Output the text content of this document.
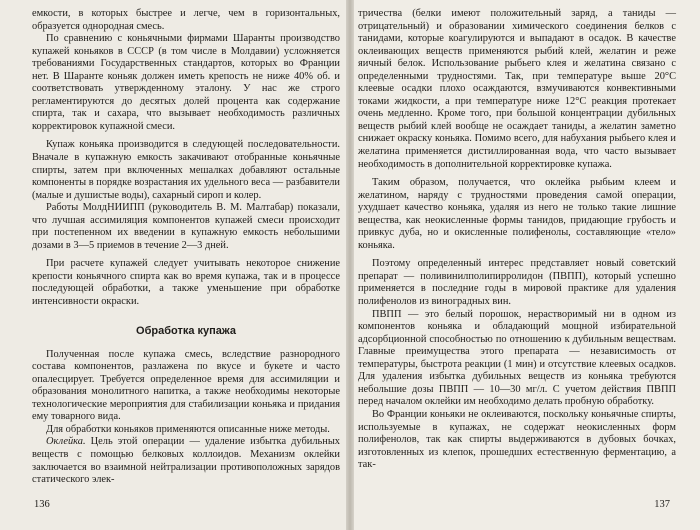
емкости, в которых быстрее и легче, чем в горизонтальных, образуется однородная смесь.

По сравнению с коньячными фирмами Шаранты производство купажей коньяков в СССР (в том числе в Молдавии) усложняется требованиями Государственных стандартов, которых во Франции нет. В Шаранте коньяк должен иметь крепость не ниже 40% об. и соответствовать утвержденному эталону. У нас же строго регламентируются до десятых долей процента как содержание спирта, так и сахара, что вызывает необходимость различных корректировок купажной смеси.

Купаж коньяка производится в следующей последовательности. Вначале в купажную емкость закачивают отобранные коньячные спирты, затем при включенных мешалках добавляют остальные компоненты в порядке возрастания их удельного веса — разбавители (малые и душистые воды), сахарный сироп и колер.

Работы МолдНИИПП (руководитель В. М. Малтабар) показали, что лучшая ассимиляция компонентов купажей смеси происходит при постепенном их введении в купажную емкость небольшими дозами в 3—5 приемов в течение 2—3 дней.

При расчете купажей следует учитывать некоторое снижение крепости коньячного спирта как во время купажа, так и в процессе последующей обработки, а также уменьшение при обработке интенсивности окраски.

Обработка купажа

Полученная после купажа смесь, вследствие разнородного состава компонентов, разлажена по вкусе и букете и часто опалесцирует. Требуется определенное время для ассимиляции и образования монолитного напитка, а также необходимы некоторые технологические мероприятия для стабилизации коньяка и придания ему товарного вида.

Для обработки коньяков применяются описанные ниже методы.

Оклейка. Цель этой операции — удаление избытка дубильных веществ с помощью белковых коллоидов. Механизм оклейки заключается во взаимной нейтрализации противоположных зарядов статического элек-

136

тричества (белки имеют положительный заряд, а таниды — отрицательный) и образовании химического соединения белков с танидами, которые коагулируются и выпадают в осадок. В качестве оклеивающих веществ применяются рыбий клей, желатин и реже яичный белок. Использование рыбьего клея и желатина связано с определенными трудностями. Так, при температуре выше 20°С клеевые осадки плохо осаждаются, взмучиваются конвективными токами жидкости, а при температуре ниже 12°С реакция протекает очень медленно. Кроме того, при большой концентрации дубильных веществ рыбий клей вообще не осаждает таниды, а желатин заметно снижает окраску коньяка. Помимо всего, для набухания рыбьего клея и желатина применяется дистиллированная вода, что часто вызывает необходимость в дополнительной корректировке купажа.

Таким образом, получается, что оклейка рыбьим клеем и желатином, наряду с трудностями проведения самой операции, ухудшает качество коньяка, удаляя из него не только такие лишние вещества, как неокисленные формы танидов, придающие грубость и привкус дуба, но и окисленные полифенолы, составляющие «тело» коньяка.

Поэтому определенный интерес представляет новый советский препарат — поливинилполипирролидон (ПВПП), который успешно применяется в последние годы в мировой практике для удаления полифенолов из виноградных вин.

ПВПП — это белый порошок, нерастворимый ни в одном из компонентов коньяка и обладающий мощной избирательной адсорбционной способностью по отношению к дубильным веществам. Главные преимущества этого препарата — независимость от температуры, быстрота реакции (1 мин) и отсутствие клеевых осадков. Для удаления избытка дубильных веществ из коньяка требуются небольшие дозы ПВПП — 10—30 мг/л. С учетом действия ПВПП перед началом оклейки им необходимо делать пробную обработку.

Во Франции коньяки не оклеиваются, поскольку коньячные спирты, используемые в купажах, не содержат неокисленных форм полифенолов, так как спирты выдерживаются в дубовых бочках, изготовленных из клепок, прошедших естественную ферментацию, а так-

137
